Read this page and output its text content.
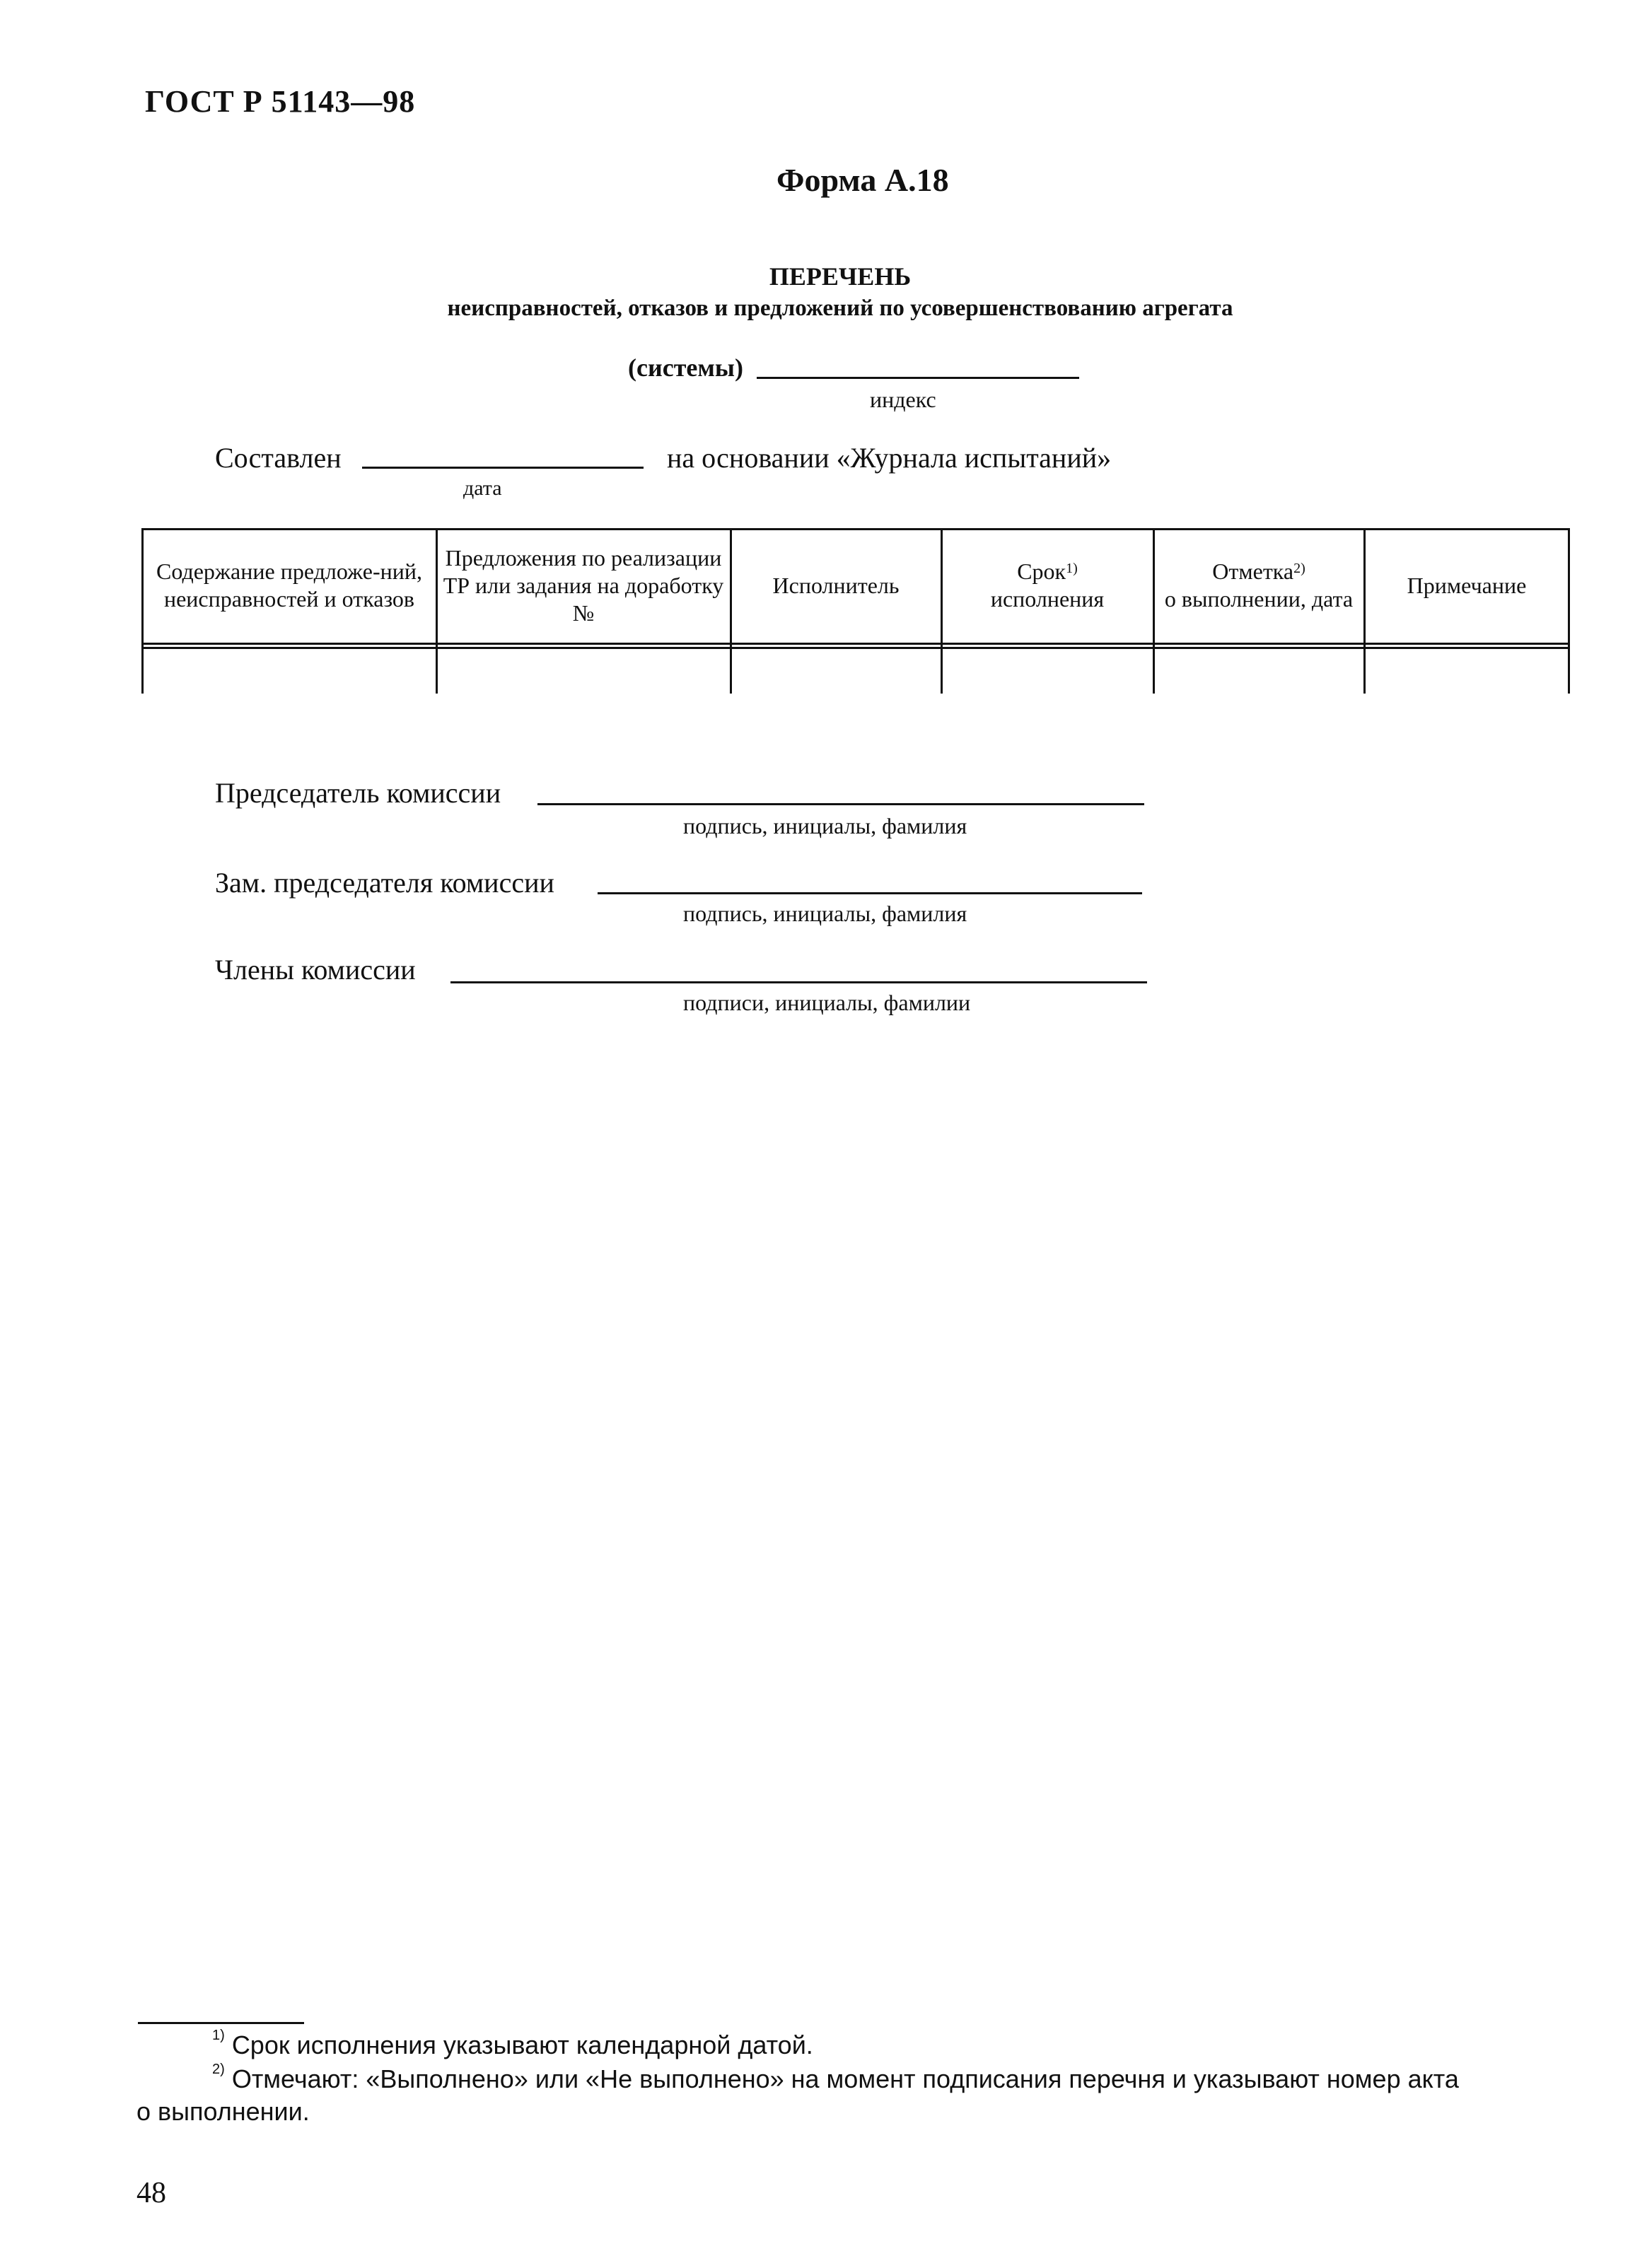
ГОСТ Р 51143—98
Форма А.18
ПЕРЕЧЕНЬ
неисправностей, отказов и предложений по усовершенствованию агрегата
(системы)
индекс
Составлен
дата
на основании «Журнала испытаний»
Содержание предложе-ний, неисправностей и отказов
Предложения по реализации ТР или задания на доработку №
Исполнитель
Срок$^{1)}$
исполнения
Отметка$^{2)}$
о выполнении, дата
Примечание
Председатель комиссии
подпись, инициалы, фамилия
Зам. председателя комиссии
подпись, инициалы, фамилия
Члены комиссии
подписи, инициалы, фамилии
$^{1)}$ Срок исполнения указывают календарной датой.
$^{2)}$ Отмечают: «Выполнено» или «Не выполнено» на момент подписания перечня и указывают номер акта
о выполнении.
48
